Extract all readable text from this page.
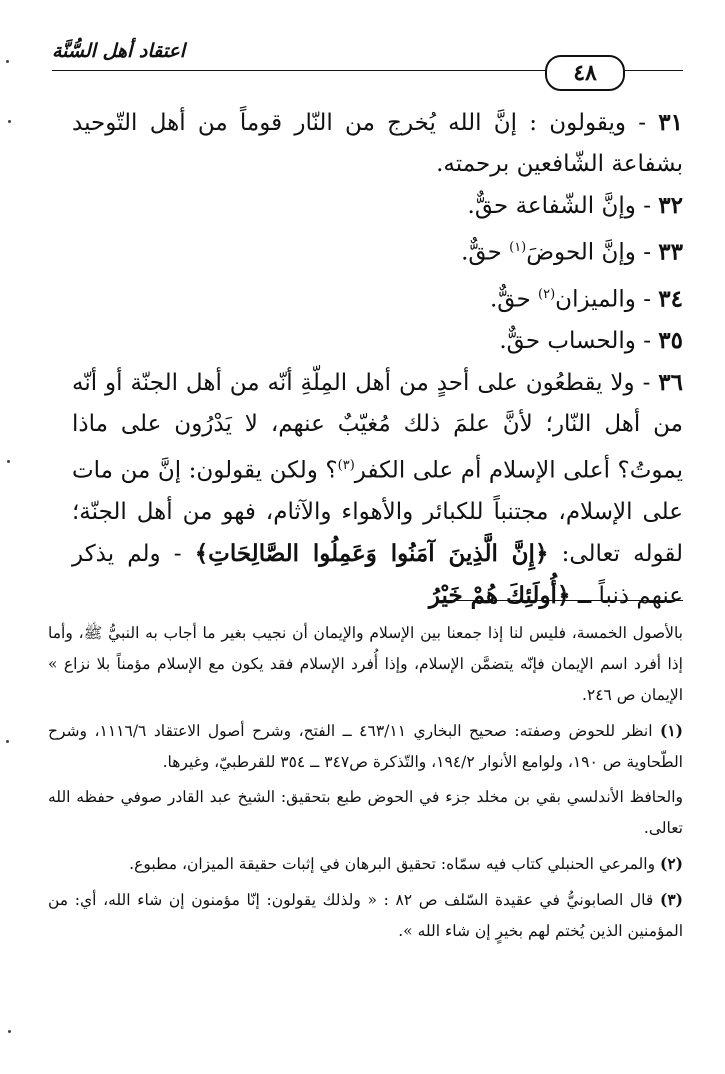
اعتقاد أهل السُّنَّة
٤٨

٣١ - ويقولون : إنَّ الله يُخرج من النّار قوماً من أهل التّوحيد بشفاعة الشّافعين برحمته.

٣٢ - وإنَّ الشّفاعة حقٌّ.

٣٣ - وإنَّ الحوضَ$^{(١)}$ حقٌّ.

٣٤ - والميزان$^{(٢)}$ حقٌّ.

٣٥ - والحساب حقٌّ.

٣٦ - ولا يقطعُون على أحدٍ من أهل المِلّةِ أنّه من أهل الجنّة أو أنّه من أهل النّار؛ لأنَّ علمَ ذلك مُغيّبٌ عنهم، لا يَدْرُون على ماذا يموتُ؟ أعلى الإسلام أم على الكفر$^{(٣)}$؟ ولكن يقولون: إنَّ من مات على الإسلام، مجتنباً للكبائر والأهواء والآثام، فهو من أهل الجنّة؛ لقوله تعالى: ﴿إِنَّ الَّذِينَ آمَنُوا وَعَمِلُوا الصَّالِحَاتِ﴾ - ولم يذكر عنهم ذنباً ــ ﴿أُولَئِكَ هُمْ خَيْرُ

بالأصول الخمسة، فليس لنا إذا جمعنا بين الإسلام والإيمان أن نجيب بغير ما أجاب به النبيُّ ﷺ، وأما إذا أفرد اسم الإيمان فإنّه يتضمَّن الإسلام، وإذا أُفرد الإسلام فقد يكون مع الإسلام مؤمناً بلا نزاع » الإيمان ص ٢٤٦.

(١) انظر للحوض وصفته: صحيح البخاري ٤٦٣/١١ ــ الفتح، وشرح أصول الاعتقاد ١١١٦/٦، وشرح الطّحاوية ص ١٩٠، ولوامع الأنوار ١٩٤/٢، والتّذكرة ص٣٤٧ ــ ٣٥٤ للقرطبيّ، وغيرها.

والحافظ الأندلسي بقي بن مخلد جزء في الحوض طبع بتحقيق: الشيخ عبد القادر صوفي حفظه الله تعالى.

(٢) والمرعي الحنبلي كتاب فيه سمّاه: تحقيق البرهان في إثبات حقيقة الميزان، مطبوع.

(٣) قال الصابونيُّ في عقيدة السّلف ص ٨٢ : « ولذلك يقولون: إنّا مؤمنون إن شاء الله، أي: من المؤمنين الذين يُختم لهم بخيرٍ إن شاء الله ».
